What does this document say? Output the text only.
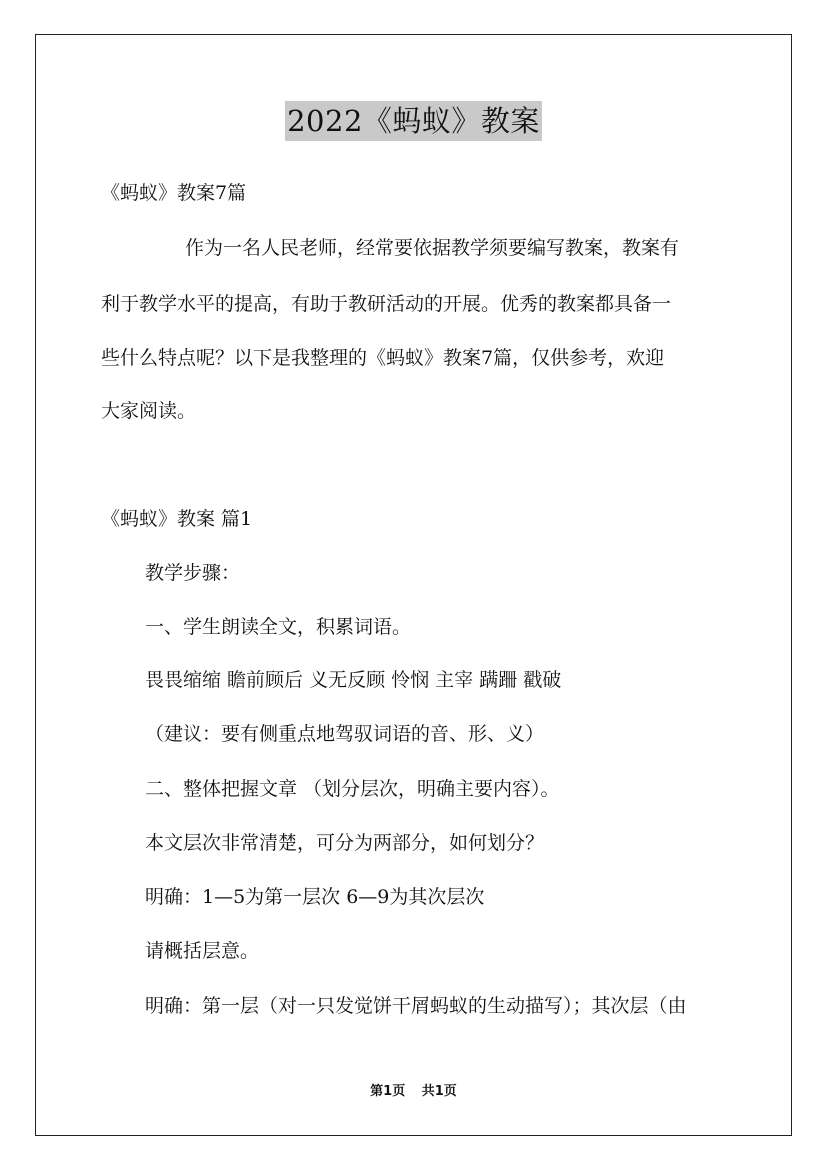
2022《蚂蚁》教案
《蚂蚁》教案7篇
作为一名人民老师，经常要依据教学须要编写教案，教案有
利于教学水平的提高，有助于教研活动的开展。优秀的教案都具备一
些什么特点呢？以下是我整理的《蚂蚁》教案7篇，仅供参考，欢迎
大家阅读。
《蚂蚁》教案 篇1
教学步骤：
一、学生朗读全文，积累词语。
畏畏缩缩 瞻前顾后 义无反顾 怜悯 主宰 蹒跚 戳破
（建议：要有侧重点地驾驭词语的音、形、义）
二、整体把握文章 （划分层次，明确主要内容）。
本文层次非常清楚，可分为两部分，如何划分？
明确：1—5为第一层次 6—9为其次层次
请概括层意。
明确：第一层（对一只发觉饼干屑蚂蚁的生动描写）；其次层（由
第1页 共1页
